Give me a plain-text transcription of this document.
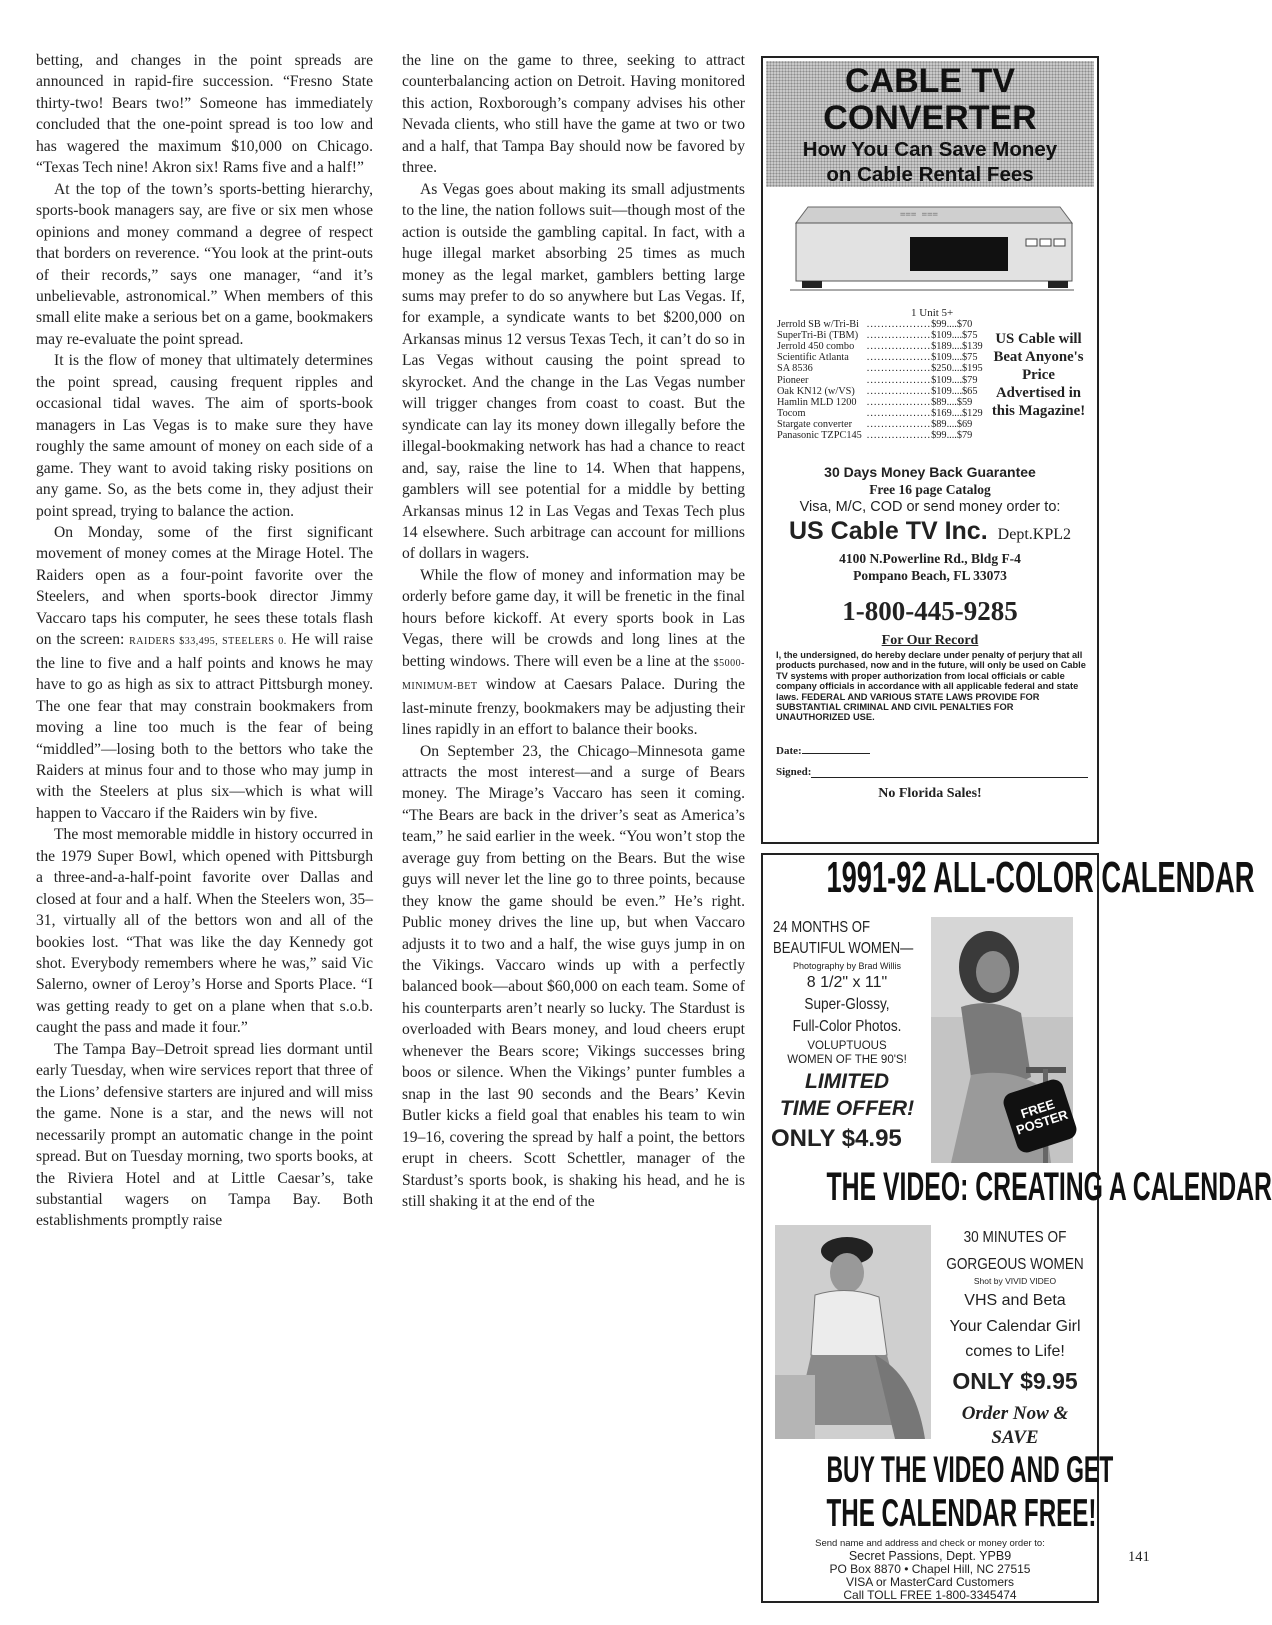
betting, and changes in the point spreads are announced in rapid-fire succession. “Fresno State thirty-two! Bears two!” Someone has immediately concluded that the one-point spread is too low and has wagered the maximum $10,000 on Chicago. “Texas Tech nine! Akron six! Rams five and a half!”

At the top of the town’s sports-betting hierarchy, sports-book managers say, are five or six men whose opinions and money command a degree of respect that borders on reverence. “You look at the print-outs of their records,” says one manager, “and it’s unbelievable, astronomical.” When members of this small elite make a serious bet on a game, bookmakers may re-evaluate the point spread.

It is the flow of money that ultimately determines the point spread, causing frequent ripples and occasional tidal waves. The aim of sports-book managers in Las Vegas is to make sure they have roughly the same amount of money on each side of a game. They want to avoid taking risky positions on any game. So, as the bets come in, they adjust their point spread, trying to balance the action.

On Monday, some of the first significant movement of money comes at the Mirage Hotel. The Raiders open as a four-point favorite over the Steelers, and when sports-book director Jimmy Vaccaro taps his computer, he sees these totals flash on the screen: RAIDERS $33,495, STEELERS 0. He will raise the line to five and a half points and knows he may have to go as high as six to attract Pittsburgh money. The one fear that may constrain bookmakers from moving a line too much is the fear of being “middled”—losing both to the bettors who take the Raiders at minus four and to those who may jump in with the Steelers at plus six—which is what will happen to Vaccaro if the Raiders win by five.

The most memorable middle in history occurred in the 1979 Super Bowl, which opened with Pittsburgh a three-and-a-half-point favorite over Dallas and closed at four and a half. When the Steelers won, 35–31, virtually all of the bettors won and all of the bookies lost. “That was like the day Kennedy got shot. Everybody remembers where he was,” said Vic Salerno, owner of Leroy’s Horse and Sports Place. “I was getting ready to get on a plane when that s.o.b. caught the pass and made it four.”

The Tampa Bay–Detroit spread lies dormant until early Tuesday, when wire services report that three of the Lions’ defensive starters are injured and will miss the game. None is a star, and the news will not necessarily prompt an automatic change in the point spread. But on Tuesday morning, two sports books, at the Riviera Hotel and at Little Caesar’s, take substantial wagers on Tampa Bay. Both establishments promptly raise

the line on the game to three, seeking to attract counterbalancing action on Detroit. Having monitored this action, Roxborough’s company advises his other Nevada clients, who still have the game at two or two and a half, that Tampa Bay should now be favored by three.

As Vegas goes about making its small adjustments to the line, the nation follows suit—though most of the action is outside the gambling capital. In fact, with a huge illegal market absorbing 25 times as much money as the legal market, gamblers betting large sums may prefer to do so anywhere but Las Vegas. If, for example, a syndicate wants to bet $200,000 on Arkansas minus 12 versus Texas Tech, it can’t do so in Las Vegas without causing the point spread to skyrocket. And the change in the Las Vegas number will trigger changes from coast to coast. But the syndicate can lay its money down illegally before the illegal-bookmaking network has had a chance to react and, say, raise the line to 14. When that happens, gamblers will see potential for a middle by betting Arkansas minus 12 in Las Vegas and Texas Tech plus 14 elsewhere. Such arbitrage can account for millions of dollars in wagers.

While the flow of money and information may be orderly before game day, it will be frenetic in the final hours before kickoff. At every sports book in Las Vegas, there will be crowds and long lines at the betting windows. There will even be a line at the $5000-MINIMUM-BET window at Caesars Palace. During the last-minute frenzy, bookmakers may be adjusting their lines rapidly in an effort to balance their books.

On September 23, the Chicago–Minnesota game attracts the most interest—and a surge of Bears money. The Mirage’s Vaccaro has seen it coming. “The Bears are back in the driver’s seat as America’s team,” he said earlier in the week. “You won’t stop the average guy from betting on the Bears. But the wise guys will never let the line go to three points, because they know the game should be even.” He’s right. Public money drives the line up, but when Vaccaro adjusts it to two and a half, the wise guys jump in on the Vikings. Vaccaro winds up with a perfectly balanced book—about $60,000 on each team. Some of his counterparts aren’t nearly so lucky. The Stardust is overloaded with Bears money, and loud cheers erupt whenever the Bears score; Vikings successes bring boos or silence. When the Vikings’ punter fumbles a snap in the last 90 seconds and the Bears’ Kevin Butler kicks a field goal that enables his team to win 19–16, covering the spread by half a point, the bettors erupt in cheers. Scott Schettler, manager of the Stardust’s sports book, is shaking his head, and he is still shaking it at the end of the

CABLE TV
CONVERTER
How You Can Save Money
on Cable Rental Fees
=== ===
1 Unit 5+
Jerrold SB w/Tri-Bi .................. $99....$70
SuperTri-Bi (TBM) .................. $109....$75
Jerrold 450 combo	.................. $189....$139
Scientific Atlanta	.................. $109....$75
SA 8536	.................. $250....$195
Pioneer	.................. $109....$79
Oak KN12 (w/VS)	.................. $109....$65
Hamlin MLD 1200 .................. $89....$59
Tocom	.................. $169....$129
Stargate converter	.................. $89....$69
Panasonic TZPC145 .................. $99....$79
US Cable will
Beat Anyone's
Price
Advertised in
this Magazine!
30 Days Money Back Guarantee
Free 16 page Catalog
Visa, M/C, COD or send money order to:
US Cable TV Inc. Dept.KPL2
4100 N.Powerline Rd., Bldg F-4
Pompano Beach, FL 33073
1-800-445-9285
For Our Record
I, the undersigned, do hereby declare under penalty of perjury that all products purchased, now and in the future, will only be used on Cable TV systems with proper authorization from local officials or cable company officials in accordance with all applicable federal and state laws. FEDERAL AND VARIOUS STATE LAWS PROVIDE FOR SUBSTANTIAL CRIMINAL AND CIVIL PENALTIES FOR UNAUTHORIZED USE.
Date:
Signed:
No Florida Sales!
1991-92 ALL-COLOR CALENDAR
24 MONTHS OF
BEAUTIFUL WOMEN—
Photography by Brad Willis
8 1/2" x 11"
Super-Glossy,
Full-Color Photos.
VOLUPTUOUS
WOMEN OF THE 90'S!
LIMITED
TIME OFFER!
ONLY $4.95
FREE POSTER
THE VIDEO: CREATING A CALENDAR
30 MINUTES OF
GORGEOUS WOMEN
Shot by VIVID VIDEO
VHS and Beta
Your Calendar Girl
comes to Life!
ONLY $9.95
Order Now &
SAVE
BUY THE VIDEO AND GET
THE CALENDAR FREE!
Send name and address and check or money order to:
Secret Passions, Dept. YPB9
PO Box 8870 • Chapel Hill, NC 27515
VISA or MasterCard Customers
Call TOLL FREE 1-800-3345474
141
